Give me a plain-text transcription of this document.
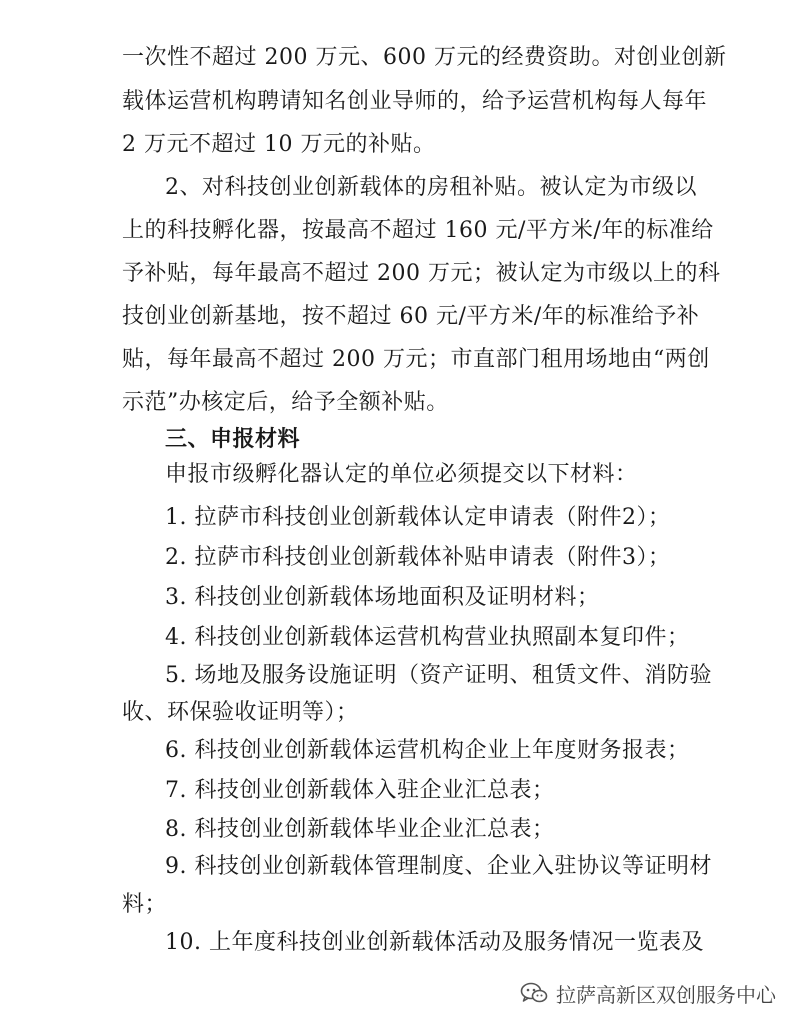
一次性不超过 200 万元、600 万元的经费资助。对创业创新
载体运营机构聘请知名创业导师的，给予运营机构每人每年
2 万元不超过 10 万元的补贴。
2、对科技创业创新载体的房租补贴。被认定为市级以
上的科技孵化器，按最高不超过 160 元/平方米/年的标准给
予补贴，每年最高不超过 200 万元；被认定为市级以上的科
技创业创新基地，按不超过 60 元/平方米/年的标准给予补
贴，每年最高不超过 200 万元；市直部门租用场地由“两创
示范”办核定后，给予全额补贴。
三、申报材料
申报市级孵化器认定的单位必须提交以下材料：
1. 拉萨市科技创业创新载体认定申请表（附件2）；
2. 拉萨市科技创业创新载体补贴申请表（附件3）；
3. 科技创业创新载体场地面积及证明材料；
4. 科技创业创新载体运营机构营业执照副本复印件；
5. 场地及服务设施证明（资产证明、租赁文件、消防验
收、环保验收证明等）；
6. 科技创业创新载体运营机构企业上年度财务报表；
7. 科技创业创新载体入驻企业汇总表；
8. 科技创业创新载体毕业企业汇总表；
9. 科技创业创新载体管理制度、企业入驻协议等证明材
料；
10. 上年度科技创业创新载体活动及服务情况一览表及
拉萨高新区双创服务中心
